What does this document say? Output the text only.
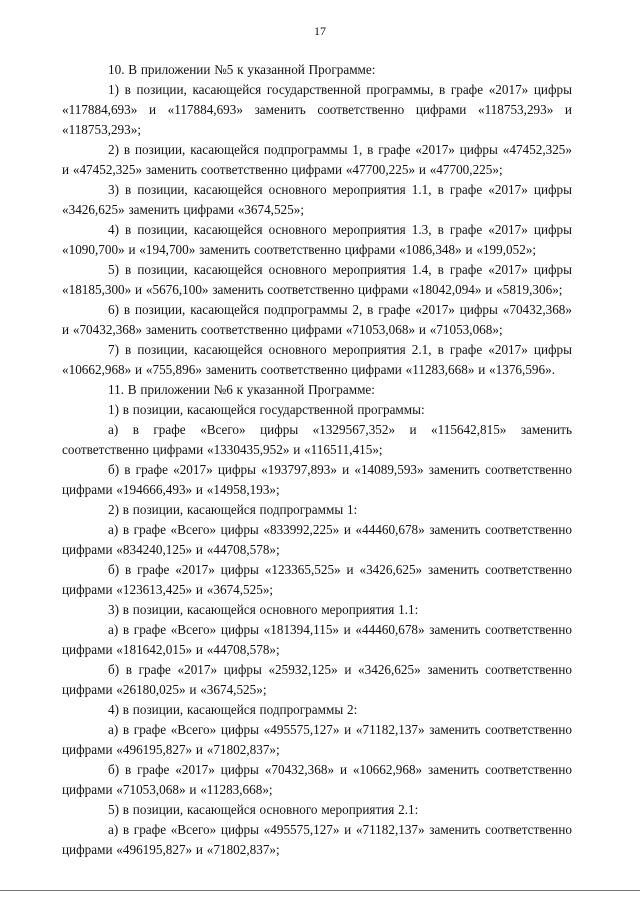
17

10. В приложении №5 к указанной Программе:

1) в позиции, касающейся государственной программы, в графе «2017» цифры «117884,693» и «117884,693» заменить соответственно цифрами «118753,293» и «118753,293»;

2) в позиции, касающейся подпрограммы 1, в графе «2017» цифры «47452,325» и «47452,325» заменить соответственно цифрами «47700,225» и «47700,225»;

3) в позиции, касающейся основного мероприятия 1.1, в графе «2017» цифры «3426,625» заменить цифрами «3674,525»;

4) в позиции, касающейся основного мероприятия 1.3, в графе «2017» цифры «1090,700» и «194,700» заменить соответственно цифрами «1086,348» и «199,052»;

5) в позиции, касающейся основного мероприятия 1.4, в графе «2017» цифры «18185,300» и «5676,100» заменить соответственно цифрами «18042,094» и «5819,306»;

6) в позиции, касающейся подпрограммы 2, в графе «2017» цифры «70432,368» и «70432,368» заменить соответственно цифрами «71053,068» и «71053,068»;

7) в позиции, касающейся основного мероприятия 2.1, в графе «2017» цифры «10662,968» и «755,896» заменить соответственно цифрами «11283,668» и «1376,596».

11. В приложении №6 к указанной Программе:

1) в позиции, касающейся государственной программы:

а) в графе «Всего» цифры «1329567,352» и «115642,815» заменить соответственно цифрами «1330435,952» и «116511,415»;

б) в графе «2017» цифры «193797,893» и «14089,593» заменить соответственно цифрами «194666,493» и «14958,193»;

2) в позиции, касающейся подпрограммы 1:

а) в графе «Всего» цифры «833992,225» и «44460,678» заменить соответственно цифрами «834240,125» и «44708,578»;

б) в графе «2017» цифры «123365,525» и «3426,625» заменить соответственно цифрами «123613,425» и «3674,525»;

3) в позиции, касающейся основного мероприятия 1.1:

а) в графе «Всего» цифры «181394,115» и «44460,678» заменить соответственно цифрами «181642,015» и «44708,578»;

б) в графе «2017» цифры «25932,125» и «3426,625» заменить соответственно цифрами «26180,025» и «3674,525»;

4) в позиции, касающейся подпрограммы 2:

а) в графе «Всего» цифры «495575,127» и «71182,137» заменить соответственно цифрами «496195,827» и «71802,837»;

б) в графе «2017» цифры «70432,368» и «10662,968» заменить соответственно цифрами «71053,068» и «11283,668»;

5) в позиции, касающейся основного мероприятия 2.1:

а) в графе «Всего» цифры «495575,127» и «71182,137» заменить соответственно цифрами «496195,827» и «71802,837»;
